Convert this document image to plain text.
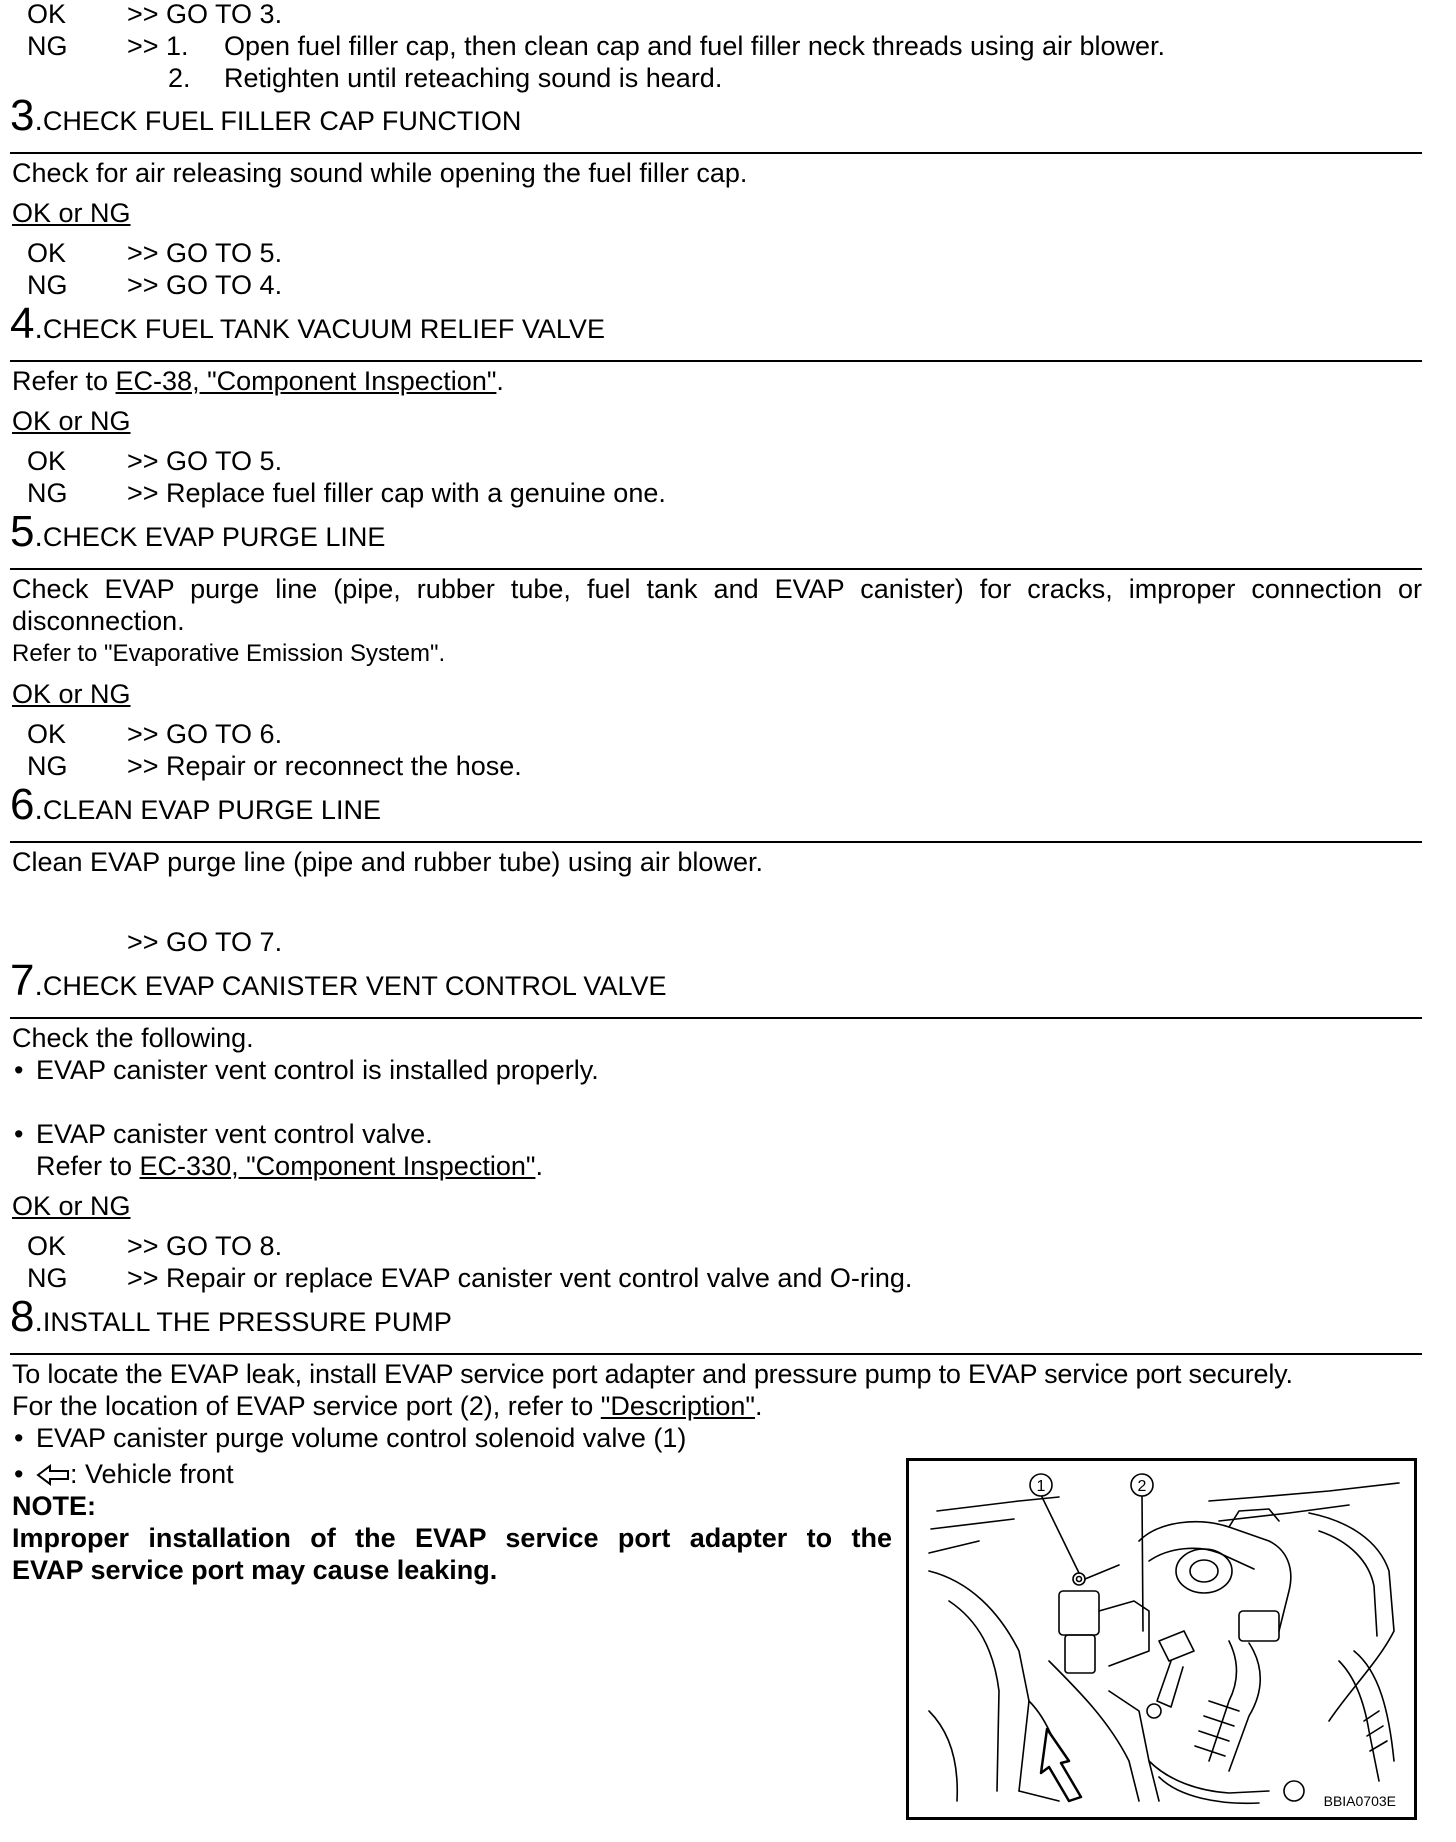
OK >> GO TO 3.
NG >> 1. Open fuel filler cap, then clean cap and fuel filler neck threads using air blower.
2. Retighten until reteaching sound is heard.
3.CHECK FUEL FILLER CAP FUNCTION
Check for air releasing sound while opening the fuel filler cap.
OK or NG
OK >> GO TO 5.
NG >> GO TO 4.
4.CHECK FUEL TANK VACUUM RELIEF VALVE
Refer to EC-38, "Component Inspection".
OK or NG
OK >> GO TO 5.
NG >> Replace fuel filler cap with a genuine one.
5.CHECK EVAP PURGE LINE
Check EVAP purge line (pipe, rubber tube, fuel tank and EVAP canister) for cracks, improper connection or
disconnection.
Refer to "Evaporative Emission System".
OK or NG
OK >> GO TO 6.
NG >> Repair or reconnect the hose.
6.CLEAN EVAP PURGE LINE
Clean EVAP purge line (pipe and rubber tube) using air blower.
>> GO TO 7.
7.CHECK EVAP CANISTER VENT CONTROL VALVE
Check the following.
• EVAP canister vent control is installed properly.
• EVAP canister vent control valve.
Refer to EC-330, "Component Inspection".
OK or NG
OK >> GO TO 8.
NG >> Repair or replace EVAP canister vent control valve and O-ring.
8.INSTALL THE PRESSURE PUMP
To locate the EVAP leak, install EVAP service port adapter and pressure pump to EVAP service port securely.
For the location of EVAP service port (2), refer to "Description".
• EVAP canister purge volume control solenoid valve (1)
•	: Vehicle front
NOTE:
Improper installation of the EVAP service port adapter to the
EVAP service port may cause leaking.
1	2
BBIA0703E
